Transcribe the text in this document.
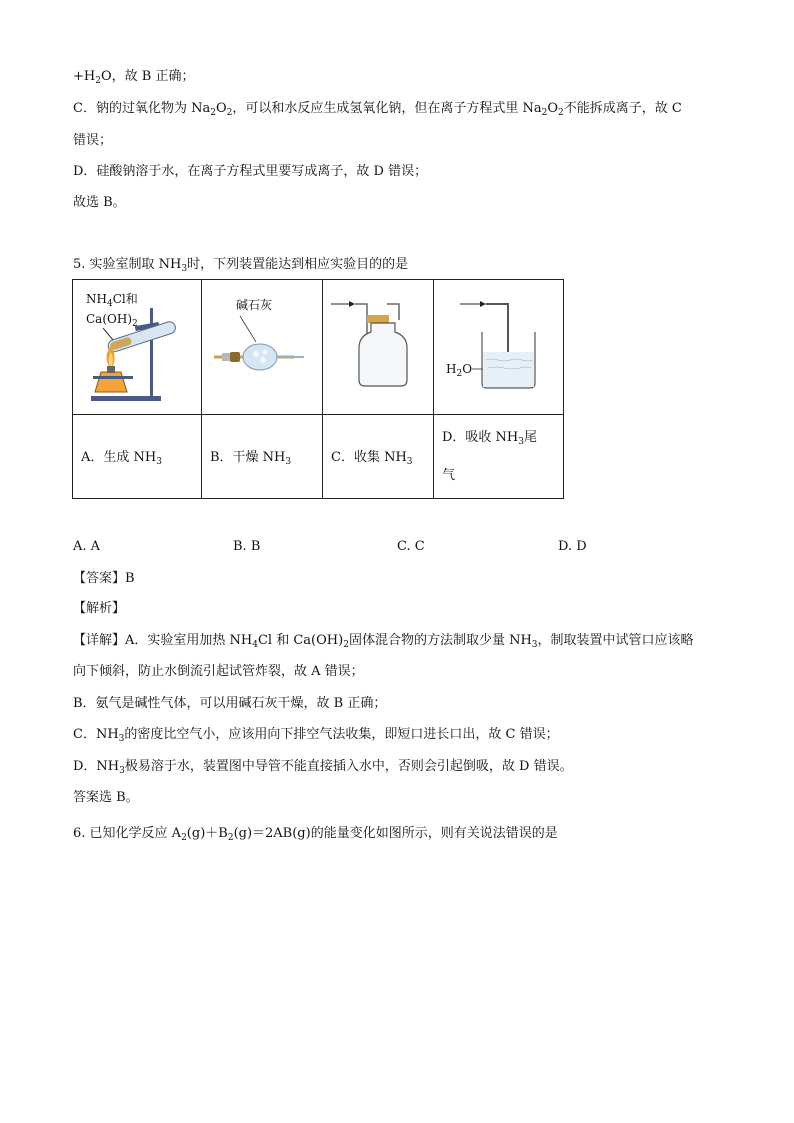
$+H_2O$，故 B 正确；
C．钠的过氧化物为 $Na_2O_2$，可以和水反应生成氢氧化钠，但在离子方程式里 $Na_2O_2$不能拆成离子，故 C
错误；
D．硅酸钠溶于水，在离子方程式里要写成离子，故 D 错误；
故选 B。
5. 实验室制取 $NH_3$时，下列装置能达到相应实验目的的是
$NH_4Cl$和
$Ca(OH)_2$	碱石灰		$H_2O$

A．生成 $NH_3$	B．干燥 $NH_3$	C．收集 $NH_3$	D．吸收 $NH_3$尾
气
A. A	B. B	C. C	D. D
【答案】B
【解析】
【详解】A．实验室用加热 $NH_4Cl$ 和 $Ca(OH)_2$固体混合物的方法制取少量 $NH_3$，制取装置中试管口应该略
向下倾斜，防止水倒流引起试管炸裂，故 A 错误；
B．氨气是碱性气体，可以用碱石灰干燥，故 B 正确；
C．$NH_3$的密度比空气小，应该用向下排空气法收集，即短口进长口出，故 C 错误；
D．$NH_3$极易溶于水，装置图中导管不能直接插入水中，否则会引起倒吸，故 D 错误。
答案选 B。
6. 已知化学反应 $A_2(g)+B_2(g)=2AB(g)$的能量变化如图所示，则有关说法错误的是
